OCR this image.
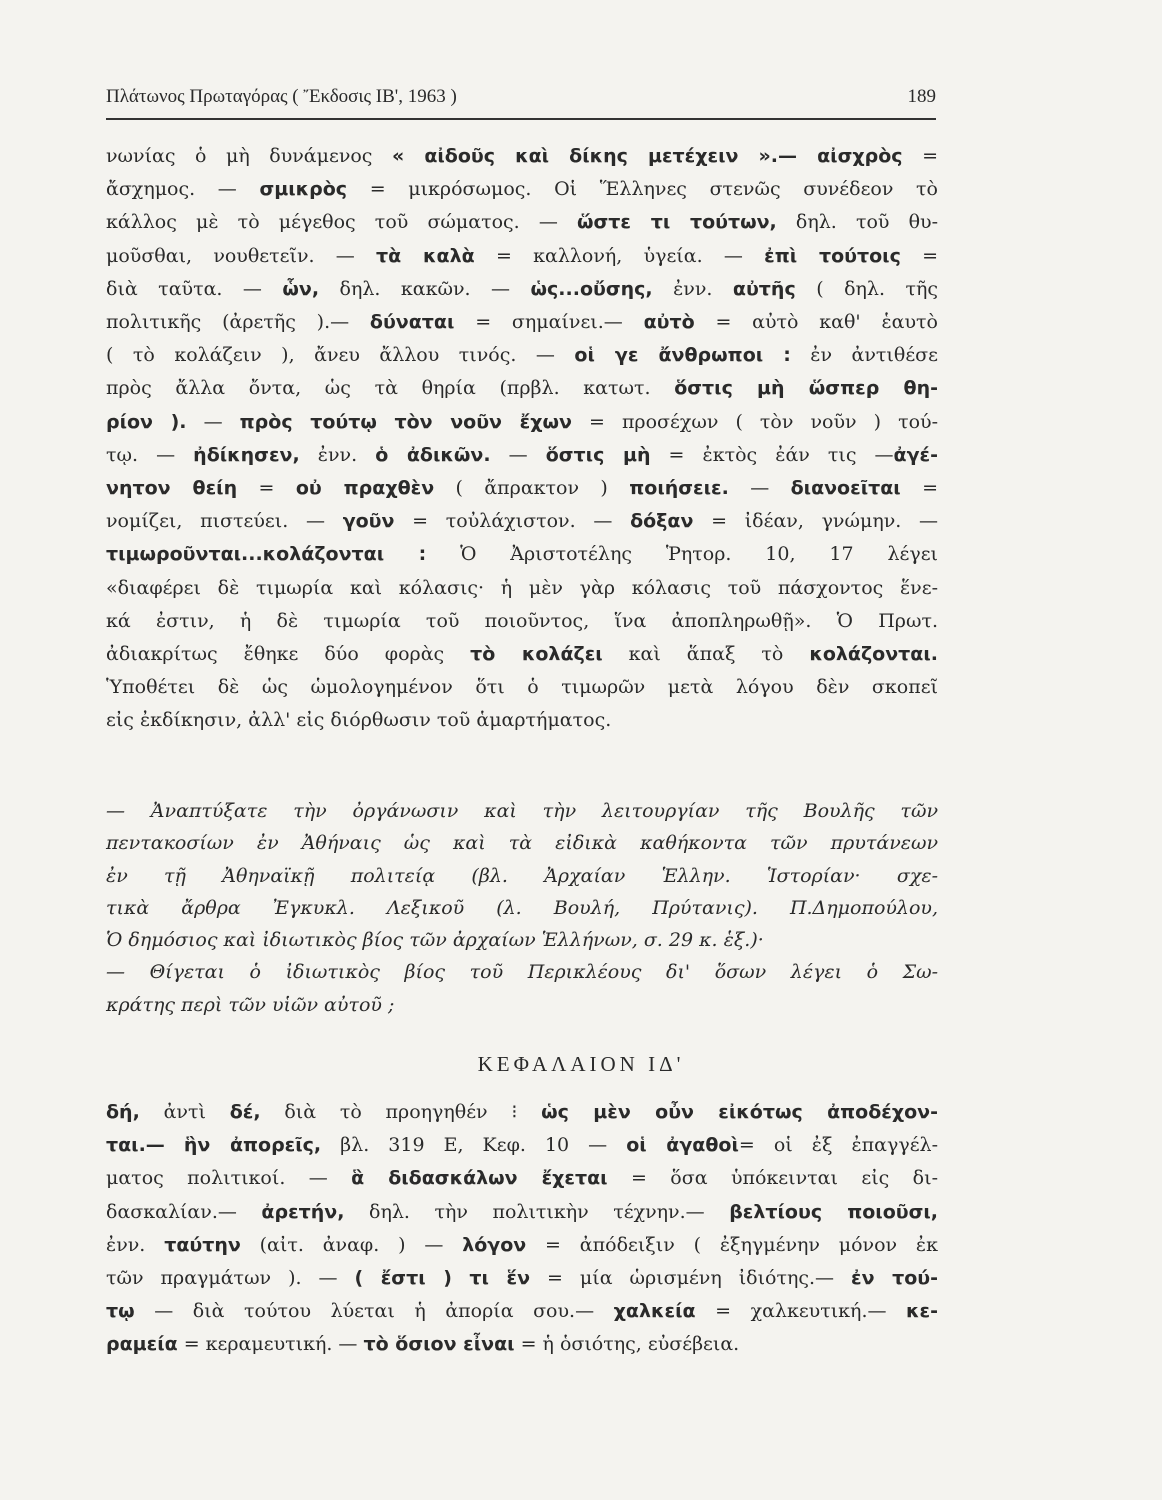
Πλάτωνος Πρωταγόρας ( Ἔκδοσις ΙΒ', 1963 )	189
νωνίας ὁ μὴ δυνάμενος « αἰδοῦς καὶ δίκης μετέχειν ».— αἰσχρὸς =
ἄσχημος. — σμικρὸς = μικρόσωμος. Οἱ Ἕλληνες στενῶς συνέδεον τὸ
κάλλος μὲ τὸ μέγεθος τοῦ σώματος. — ὥστε τι τούτων, δηλ. τοῦ θυ-
μοῦσθαι, νουθετεῖν. — τὰ καλὰ = καλλονή, ὑγεία. — ἐπὶ τούτοις =
διὰ ταῦτα. — ὧν, δηλ. κακῶν. — ὡς...οὔσης, ἐνν. αὐτῆς ( δηλ. τῆς
πολιτικῆς (ἀρετῆς ).— δύναται = σημαίνει.— αὐτὸ = αὐτὸ καθ' ἑαυτὸ
( τὸ κολάζειν ), ἄνευ ἄλλου τινός. — οἱ γε ἄνθρωποι : ἐν ἀντιθέσε
πρὸς ἄλλα ὄντα, ὡς τὰ θηρία (πρβλ. κατωτ. ὅστις μὴ ὥσπερ θη-
ρίον ). — πρὸς τούτῳ τὸν νοῦν ἔχων = προσέχων ( τὸν νοῦν ) τού-
τῳ. — ἠδίκησεν, ἐνν. ὁ ἀδικῶν. — ὅστις μὴ = ἐκτὸς ἐάν τις —ἀγέ-
νητον θείη = οὐ πραχθὲν ( ἄπρακτον ) ποιήσειε. — διανοεῖται =
νομίζει, πιστεύει. — γοῦν = τοὐλάχιστον. — δόξαν = ἰδέαν, γνώμην. —
τιμωροῦνται...κολάζονται : Ὁ Ἀριστοτέλης Ῥητορ. 10, 17 λέγει
«διαφέρει δὲ τιμωρία καὶ κόλασις· ἡ μὲν γὰρ κόλασις τοῦ πάσχοντος ἕνε-
κά ἐστιν, ἡ δὲ τιμωρία τοῦ ποιοῦντος, ἵνα ἀποπληρωθῇ». Ὁ Πρωτ.
ἀδιακρίτως ἔθηκε δύο φορὰς τὸ κολάζει καὶ ἅπαξ τὸ κολάζονται.
Ὑποθέτει δὲ ὡς ὡμολογημένον ὅτι ὁ τιμωρῶν μετὰ λόγου δὲν σκοπεῖ
εἰς ἐκδίκησιν, ἀλλ' εἰς διόρθωσιν τοῦ ἁμαρτήματος.
— Ἀναπτύξατε τὴν ὀργάνωσιν καὶ τὴν λειτουργίαν τῆς Βουλῆς τῶν
πενταкοσίων ἐν Ἀθήναις ὡς καὶ τὰ εἰδικὰ καθήκοντα τῶν πρυτάνεων
ἐν τῇ Ἀθηναϊκῇ πολιτείᾳ (βλ. Ἀρχαίαν Ἑλλην. Ἱστορίαν· σχε-
τικὰ ἄρθρα Ἐγκυκλ. Λεξικοῦ (λ. Βουλή, Πρύτανις). Π.Δημοπούλου,
Ὁ δημόσιος καὶ ἰδιωτικὸς βίος τῶν ἀρχαίων Ἑλλήνων, σ. 29 κ. ἑξ.)·
— Θίγεται ὁ ἰδιωτικὸς βίος τοῦ Περικλέους δι' ὅσων λέγει ὁ Σω-
κράτης περὶ τῶν υἱῶν αὐτοῦ ;
ΚΕΦΑΛΑΙΟΝ ΙΔ'
δή, ἀντὶ δέ, διὰ τὸ προηγηθέν ⁝ ὡς μὲν οὖν εἰκότως ἀποδέχον-
ται.— ἣν ἀπορεῖς, βλ. 319 E, Κεφ. 10 — οἱ ἀγαθοὶ= οἱ ἐξ ἐπαγγέλ-
ματος πολιτικοί. — ἃ διδασκάλων ἔχεται = ὅσα ὑπόκεινται εἰς δι-
δασκαλίαν.— ἀρετήν, δηλ. τὴν πολιτικὴν τέχνην.— βελτίους ποιοῦσι,
ἐνν. ταύτην (αἰτ. ἀναφ. ) — λόγον = ἀπόδειξιν ( ἐξηγμένην μόνον ἐκ
τῶν πραγμάτων ). — ( ἔστι ) τι ἕν = μία ὡρισμένη ἰδιότης.— ἐν τού-
τῳ — διὰ τούτου λύεται ἡ ἀπορία σου.— χαλκεία = χαλκευτική.— κε-
ραμεία = κεραμευτική. — τὸ ὅσιον εἶναι = ἡ ὁσιότης, εὐσέβεια.
